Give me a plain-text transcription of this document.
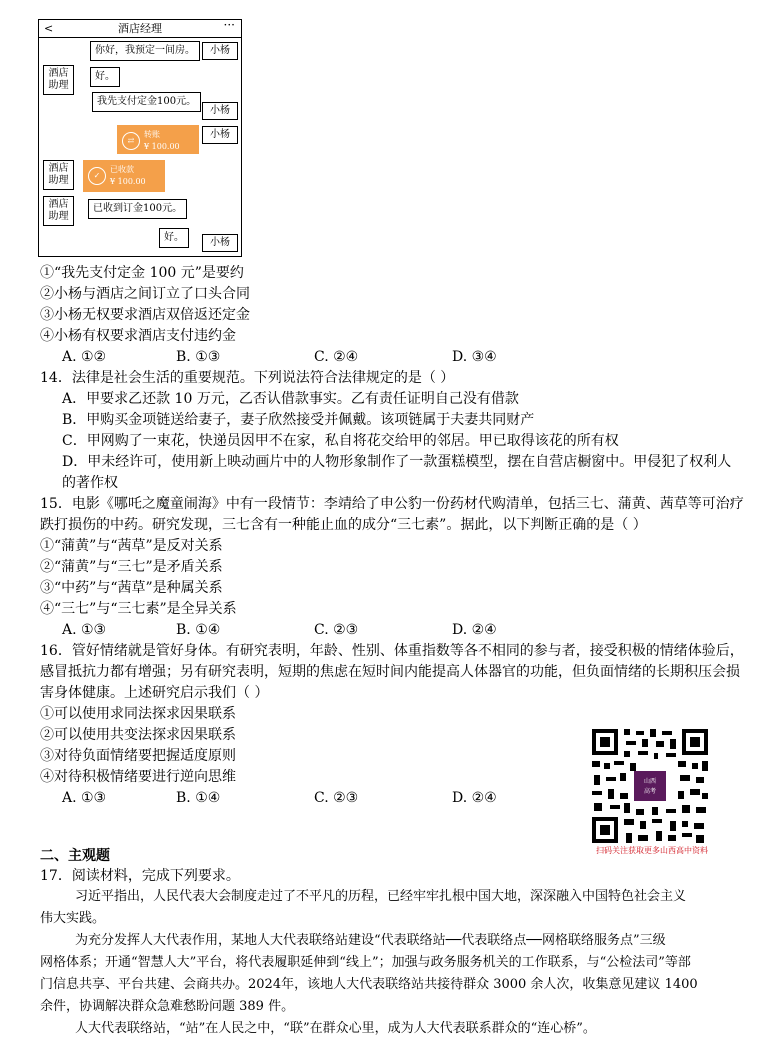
<	酒店经理	···
你好，我预定一间房。	小杨
酒店助理
好。
我先支付定金100元。
小杨
⇄
转账
¥ 100.00
小杨
酒店助理	✓
已收款
¥ 100.00
酒店助理
已收到订金100元。
好。	小杨
①“我先支付定金 100 元”是要约
②小杨与酒店之间订立了口头合同
③小杨无权要求酒店双倍返还定金
④小杨有权要求酒店支付违约金
A. ①②	B. ①③	C. ②④	D. ③④
14．法律是社会生活的重要规范。下列说法符合法律规定的是（ ）
A．甲要求乙还款 10 万元，乙否认借款事实。乙有责任证明自己没有借款
B．甲购买金项链送给妻子，妻子欣然接受并佩戴。该项链属于夫妻共同财产
C．甲网购了一束花，快递员因甲不在家，私自将花交给甲的邻居。甲已取得该花的所有权
D．甲未经许可，使用新上映动画片中的人物形象制作了一款蛋糕模型，摆在自营店橱窗中。甲侵犯了权利人
的著作权
15．电影《哪吒之魔童闹海》中有一段情节：李靖给了申公豹一份药材代购清单，包括三七、蒲黄、茜草等可治疗
跌打损伤的中药。研究发现，三七含有一种能止血的成分“三七素”。据此，以下判断正确的是（ ）
①“蒲黄”与“茜草”是反对关系
②“蒲黄”与“三七”是矛盾关系
③“中药”与“茜草”是种属关系
④“三七”与“三七素”是全异关系
A. ①③	B. ①④	C. ②③	D. ②④
16．管好情绪就是管好身体。有研究表明，年龄、性别、体重指数等各不相同的参与者，接受积极的情绪体验后，
感冒抵抗力都有增强；另有研究表明，短期的焦虑在短时间内能提高人体器官的功能，但负面情绪的长期积压会损
害身体健康。上述研究启示我们（ ）
①可以使用求同法探求因果联系
②可以使用共变法探求因果联系
③对待负面情绪要把握适度原则
④对待积极情绪要进行逆向思维
A. ①③	B. ①④	C. ②③	D. ②④
山西
高考
扫码关注获取更多山西高中资料
二、主观题
17．阅读材料，完成下列要求。
习近平指出，人民代表大会制度走过了不平凡的历程，已经牢牢扎根中国大地，深深融入中国特色社会主义
伟大实践。
为充分发挥人大代表作用，某地人大代表联络站建设“代表联络站──代表联络点──网格联络服务点”三级
网格体系；开通“智慧人大”平台，将代表履职延伸到“线上”；加强与政务服务机关的工作联系，与“公检法司”等部
门信息共享、平台共建、会商共办。2024年，该地人大代表联络站共接待群众 3000 余人次，收集意见建议 1400
余件，协调解决群众急难愁盼问题 389 件。
人大代表联络站，“站”在人民之中，“联”在群众心里，成为人大代表联系群众的“连心桥”。
